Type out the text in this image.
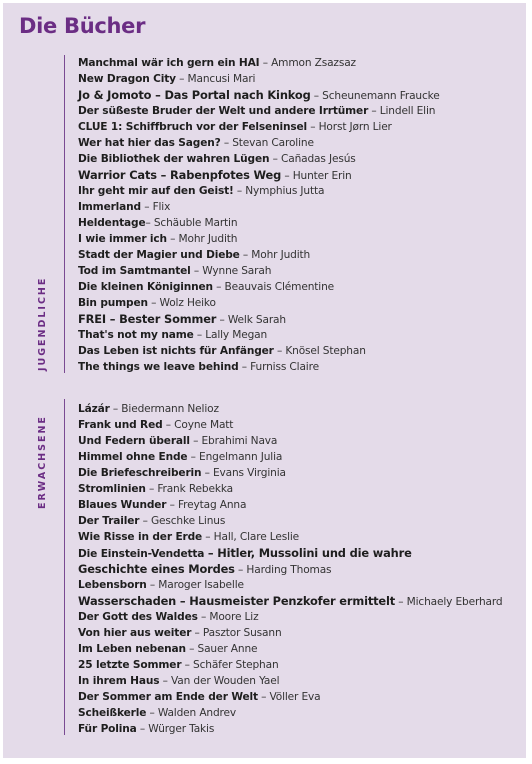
Die Bücher
JUGENDLICHE
Manchmal wär ich gern ein HAI – Ammon Zsazsaz
New Dragon City – Mancusi Mari
Jo & Jomoto – Das Portal nach Kinkog – Scheunemann Fraucke
Der süßeste Bruder der Welt und andere Irrtümer – Lindell Elin
CLUE 1: Schiffbruch vor der Felseninsel – Horst Jørn Lier
Wer hat hier das Sagen? – Stevan Caroline
Die Bibliothek der wahren Lügen – Cañadas Jesús
Warrior Cats – Rabenpfotes Weg – Hunter Erin
Ihr geht mir auf den Geist! – Nymphius Jutta
Immerland – Flix
Heldentage– Schäuble Martin
I wie immer ich – Mohr Judith
Stadt der Magier und Diebe – Mohr Judith
Tod im Samtmantel – Wynne Sarah
Die kleinen Königinnen – Beauvais Clémentine
Bin pumpen – Wolz Heiko
FREI – Bester Sommer – Welk Sarah
That's not my name – Lally Megan
Das Leben ist nichts für Anfänger – Knösel Stephan
The things we leave behind – Furniss Claire
ERWACHSENE
Lázár – Biedermann Nelioz
Frank und Red – Coyne Matt
Und Federn überall – Ebrahimi Nava
Himmel ohne Ende – Engelmann Julia
Die Briefeschreiberin – Evans Virginia
Stromlinien – Frank Rebekka
Blaues Wunder – Freytag Anna
Der Trailer – Geschke Linus
Wie Risse in der Erde – Hall, Clare Leslie
Die Einstein-Vendetta – Hitler, Mussolini und die wahre
Geschichte eines Mordes – Harding Thomas
Lebensborn – Maroger Isabelle
Wasserschaden – Hausmeister Penzkofer ermittelt – Michaely Eberhard
Der Gott des Waldes – Moore Liz
Von hier aus weiter – Pasztor Susann
Im Leben nebenan – Sauer Anne
25 letzte Sommer – Schäfer Stephan
In ihrem Haus – Van der Wouden Yael
Der Sommer am Ende der Welt – Völler Eva
Scheißkerle – Walden Andrev
Für Polina – Würger Takis
